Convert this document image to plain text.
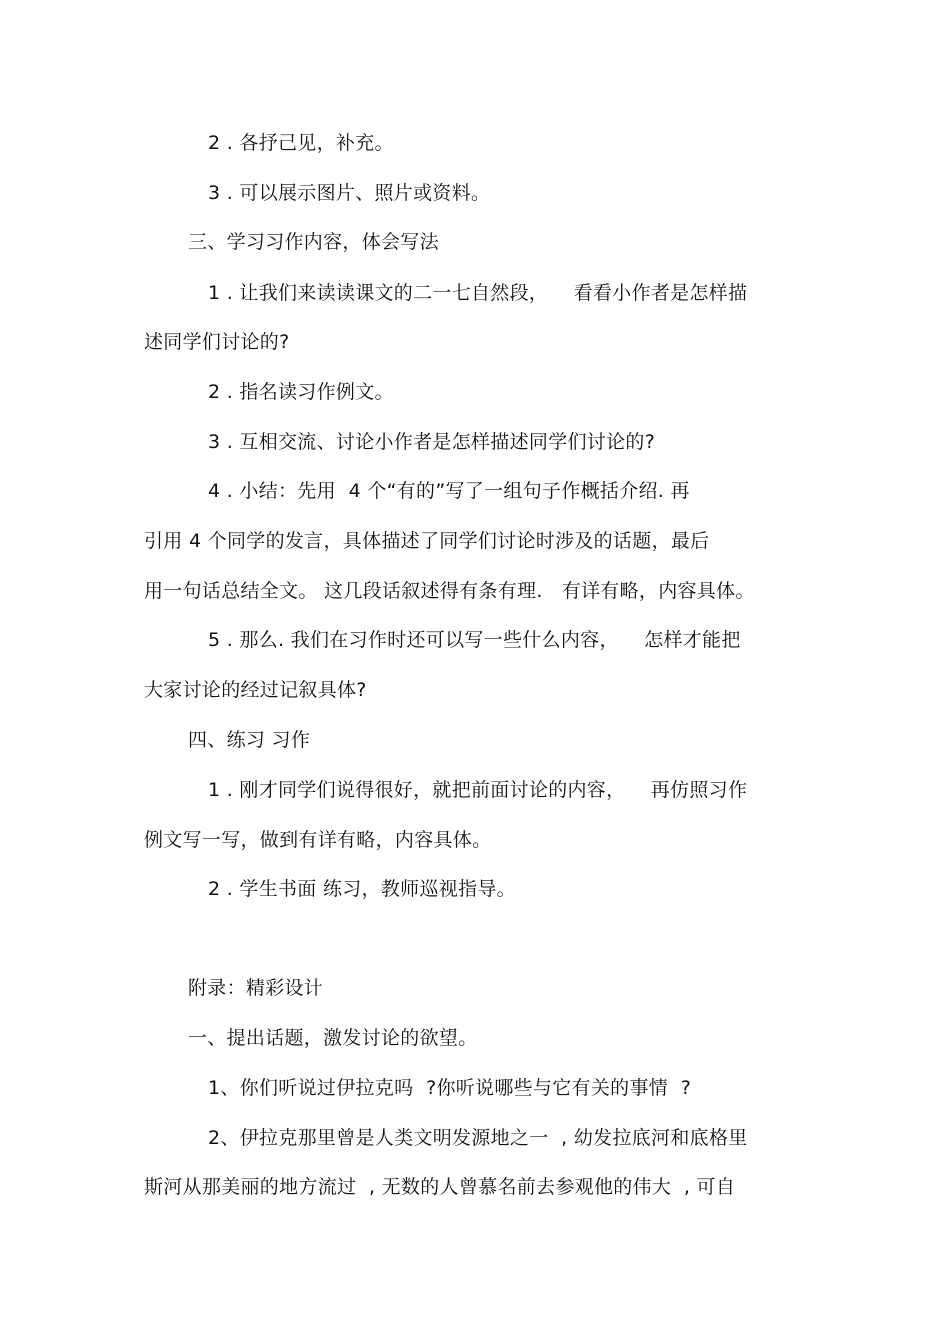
2 . 各抒己见，补充。
3 . 可以展示图片、照片或资料。
三、学习习作内容，体会写法
1 . 让我们来读读课文的二一七自然段，    看看小作者是怎样描
述同学们讨论的?
2 . 指名读习作例文。
3 . 互相交流、讨论小作者是怎样描述同学们讨论的?
4 . 小结：先用  4 个“有的”写了一组句子作概括介绍. 再
引用 4 个同学的发言，具体描述了同学们讨论时涉及的话题，最后
用一句话总结全文。 这几段话叙述得有条有理.   有详有略，内容具体。
5 . 那么. 我们在习作时还可以写一些什么内容，    怎样才能把
大家讨论的经过记叙具体?
四、练习 习作
1 . 刚才同学们说得很好，就把前面讨论的内容，    再仿照习作
例文写一写，做到有详有略，内容具体。
2 . 学生书面 练习，教师巡视指导。
附录：精彩设计
一、提出话题，激发讨论的欲望。
1、你们听说过伊拉克吗  ?你听说哪些与它有关的事情  ?
2、伊拉克那里曾是人类文明发源地之一  , 幼发拉底河和底格里
斯河从那美丽的地方流过  , 无数的人曾慕名前去参观他的伟大  , 可自
